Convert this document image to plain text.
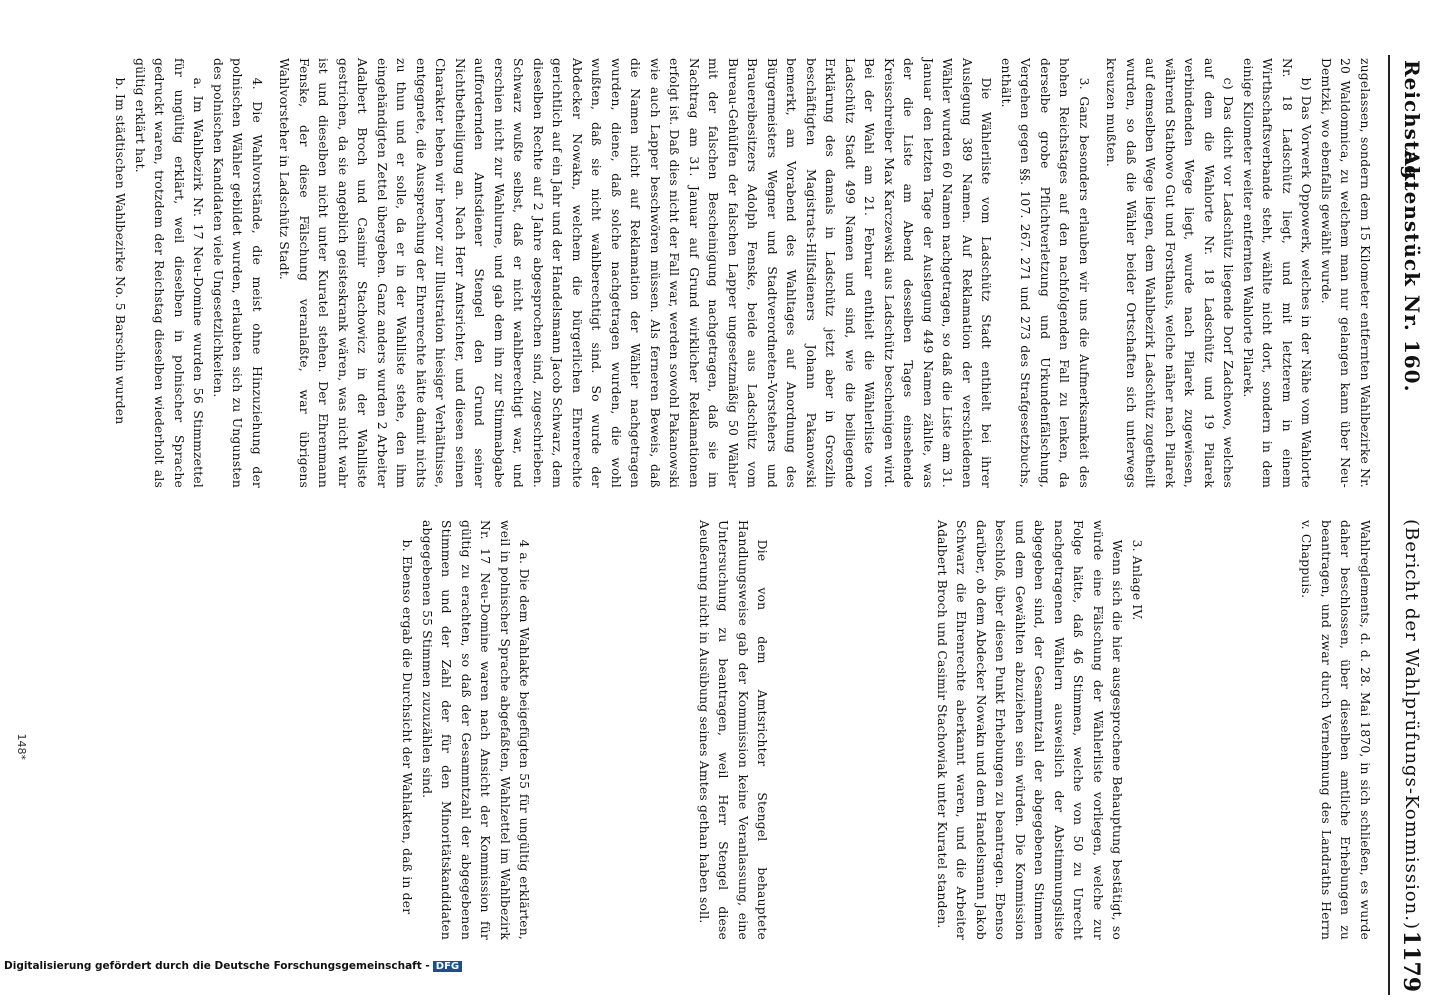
Reichstag.
Aktenstück Nr. 160.
(Bericht der Wahlprüfungs-Kommission.)
1179

zugelassen, sondern dem 15 Kilometer entfernten Wahlbezirke Nr. 20 Waldomnica, zu welchem man nur gelangen kann über Neu-Demtzki, wo ebenfalls gewählt wurde.

b) Das Vorwerk Oppowerk, welches in der Nähe vom Wahlorte Nr. 18 Ladschütz liegt, und mit letzterem in einem Wirthschaftsverbande steht, wählte nicht dort, sondern in dem einige Kilometer weiter entfernten Wahlorte Pilarek.

c) Das dicht vor Ladschütz liegende Dorf Zadchowo, welches auf dem die Wahlorte Nr. 18 Ladschütz und 19 Pilarek verbindenden Wege liegt, wurde nach Pilarek zugewiesen, während Stathowo Gut und Forsthaus, welche näher nach Pilarek auf demselben Wege liegen, dem Wahlbezirk Ladschütz zugetheilt wurden, so daß die Wähler beider Ortschaften sich unterwegs kreuzen mußten.

3. Ganz besonders erlauben wir uns die Aufmerksamkeit des hohen Reichstages auf den nachfolgenden Fall zu lenken, da derselbe grobe Pflichtverletzung und Urkundenfälschung, Vergehen gegen §§. 107. 267. 271 und 273 des Strafgesetzbuchs, enthält.

Die Wählerliste vom Ladschütz Stadt enthielt bei ihrer Auslegung 389 Namen. Auf Reklamation der verschiedenen Wähler wurden 60 Namen nachgetragen, so daß die Liste am 31. Januar den letzten Tage der Auslegung 449 Namen zählte, was der die Liste am Abend desselben Tages einsehende Kreisschreiber Max Karczewski aus Ladschütz bescheinigen wird. Bei der Wahl am 21. Februar enthielt die Wählerliste von Ladschütz Stadt 499 Namen und sind, wie die beiliegende Erklärung des damals in Ladschütz jetzt aber in Groszlin beschäftigten Magistrats-Hilfsdieners Johann Pakanowski bemerkt, am Vorabend des Wahltages auf Anordnung des Bürgermeisters Wegner und Stadtverordneten-Vorstehers und Brauereibesitzers Adolph Fenske, beide aus Ladschütz vom Bureau-Gehülfen der falschen Lapper ungesetzmäßig 50 Wähler mit der falschen Bescheinigung nachgetragen, daß sie im Nachtrag am 31. Januar auf Grund wirklicher Reklamationen erfolgt ist. Daß dies nicht der Fall war, werden sowohl Pakanowski wie auch Lapper beschwören müssen. Als ferneren Beweis, daß die Namen nicht auf Reklamation der Wähler nachgetragen wurden, diene, daß solche nachgetragen wurden, die wohl wußten, daß sie nicht wahlberechtigt sind. So wurde der Abdecker Nowakn, welchem die bürgerlichen Ehrenrechte gerichtlich auf ein Jahr und der Handelsmann Jacob Schwarz, dem dieselben Rechte auf 2 Jahre abgesprochen sind, zugeschrieben. Schwarz wußte selbst, daß er nicht wahlberechtigt war, und erschien nicht zur Wahlurne, und gab dem ihn zur Stimmabgabe auffordernden Amtsdiener Stengel den Grund seiner Nichtbetheiligung an. Nach Herr Amtsrichter, und diesen seinen Charakter heben wir hervor zur Illustration hiesiger Verhältnisse, entgegnete, die Aussprechung der Ehrenrechte hätte damit nichts zu thun und er solle, da er in der Wahlliste stehe, den ihm eingehändigten Zettel übergeben. Ganz anders wurden 2 Arbeiter Adalbert Broch und Casimir Stachowicz in der Wahlliste gestrichen, da sie angeblich geisteskrank wären, was nicht wahr ist und dieselben nicht unter Kuratel stehen. Der Ehrenmann Fenske, der diese Fälschung veranlaßte, war übrigens Wahlvorsteher in Ladschütz Stadt.

4. Die Wahlvorstände, die meist ohne Hinzuziehung der polnischen Wähler gebildet wurden, erlaubten sich zu Ungunsten des polnischen Kandidaten viele Ungesetzlichkeiten.

a. Im Wahlbezirk Nr. 17 Neu-Domine wurden 56 Stimmzettel für ungültig erklärt, weil dieselben in polnischer Sprache gedruckt waren, trotzdem der Reichstag dieselben wiederholt als gültig erklärt hat.

b. Im städtischen Wahlbezirke No. 5 Barschin wurden

Wahlreglements, d. d. 28. Mai 1870, in sich schließen, es wurde daher beschlossen, über dieselben amtliche Erhebungen zu beantragen, und zwar durch Vernehmung des Landraths Herrn v. Chappuis.

3. Anlage IV.

Wenn sich die hier ausgesprochene Behauptung bestätigt, so würde eine Fälschung der Wählerliste vorliegen, welche zur Folge hätte, daß 46 Stimmen, welche von 50 zu Unrecht nachgetragenen Wählern ausweislich der Abstimmungsliste abgegeben sind, der Gesammtzahl der abgegebenen Stimmen und dem Gewählten abzuziehen sein würden. Die Kommission beschloß, über diesen Punkt Erhebungen zu beantragen. Ebenso darüber, ob dem Abdecker Nowakn und dem Handelsmann Jakob Schwarz die Ehrenrechte aberkannt waren, und die Arbeiter Adalbert Broch und Casimir Stachowiak unter Kuratel standen.

Die von dem Amtsrichter Stengel behauptete Handlungsweise gab der Kommission keine Veranlassung, eine Untersuchung zu beantragen, weil Herr Stengel diese Aeußerung nicht in Ausübung seines Amtes gethan haben soll.

4 a. Die dem Wahlakte beigefügten 55 für ungültig erklärten, weil in polnischer Sprache abgefaßten, Wahlzettel im Wahlbezirk Nr. 17 Neu-Domine waren nach Ansicht der Kommission für gültig zu erachten, so daß der Gesammtzahl der abgegebenen Stimmen und der Zahl der für den Minoritätskandidaten abgegebenen 55 Stimmen zuzuzählen sind.

b. Ebenso ergab die Durchsicht der Wahlakten, daß in der

148*
Digitalisierung gefördert durch die Deutsche Forschungsgemeinschaft - DFG
